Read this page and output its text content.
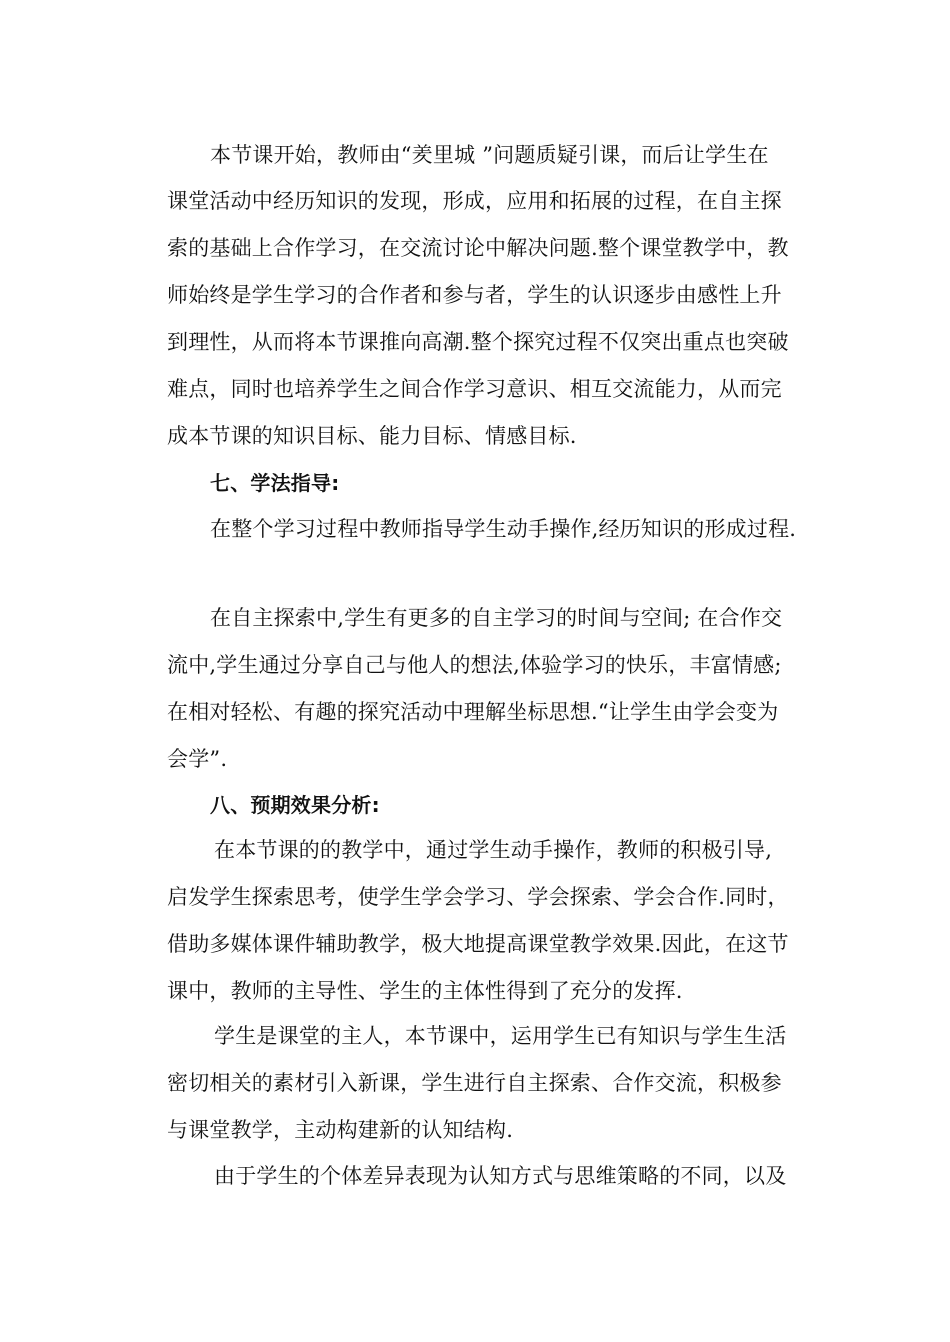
本节课开始，教师由“羑里城 ”问题质疑引课，而后让学生在
课堂活动中经历知识的发现，形成，应用和拓展的过程，在自主探
索的基础上合作学习，在交流讨论中解决问题.整个课堂教学中，教
师始终是学生学习的合作者和参与者，学生的认识逐步由感性上升
到理性，从而将本节课推向高潮.整个探究过程不仅突出重点也突破
难点，同时也培养学生之间合作学习意识、相互交流能力，从而完
成本节课的知识目标、能力目标、情感目标.
七、学法指导:
在整个学习过程中教师指导学生动手操作,经历知识的形成过程.
在自主探索中,学生有更多的自主学习的时间与空间; 在合作交
流中,学生通过分享自己与他人的想法,体验学习的快乐，丰富情感;
在相对轻松、有趣的探究活动中理解坐标思想.“让学生由学会变为
会学”.
八、预期效果分析:
在本节课的的教学中，通过学生动手操作，教师的积极引导,
启发学生探索思考，使学生学会学习、学会探索、学会合作.同时，
借助多媒体课件辅助教学，极大地提高课堂教学效果.因此，在这节
课中，教师的主导性、学生的主体性得到了充分的发挥.
学生是课堂的主人，本节课中，运用学生已有知识与学生生活
密切相关的素材引入新课，学生进行自主探索、合作交流，积极参
与课堂教学，主动构建新的认知结构.
由于学生的个体差异表现为认知方式与思维策略的不同，以及
